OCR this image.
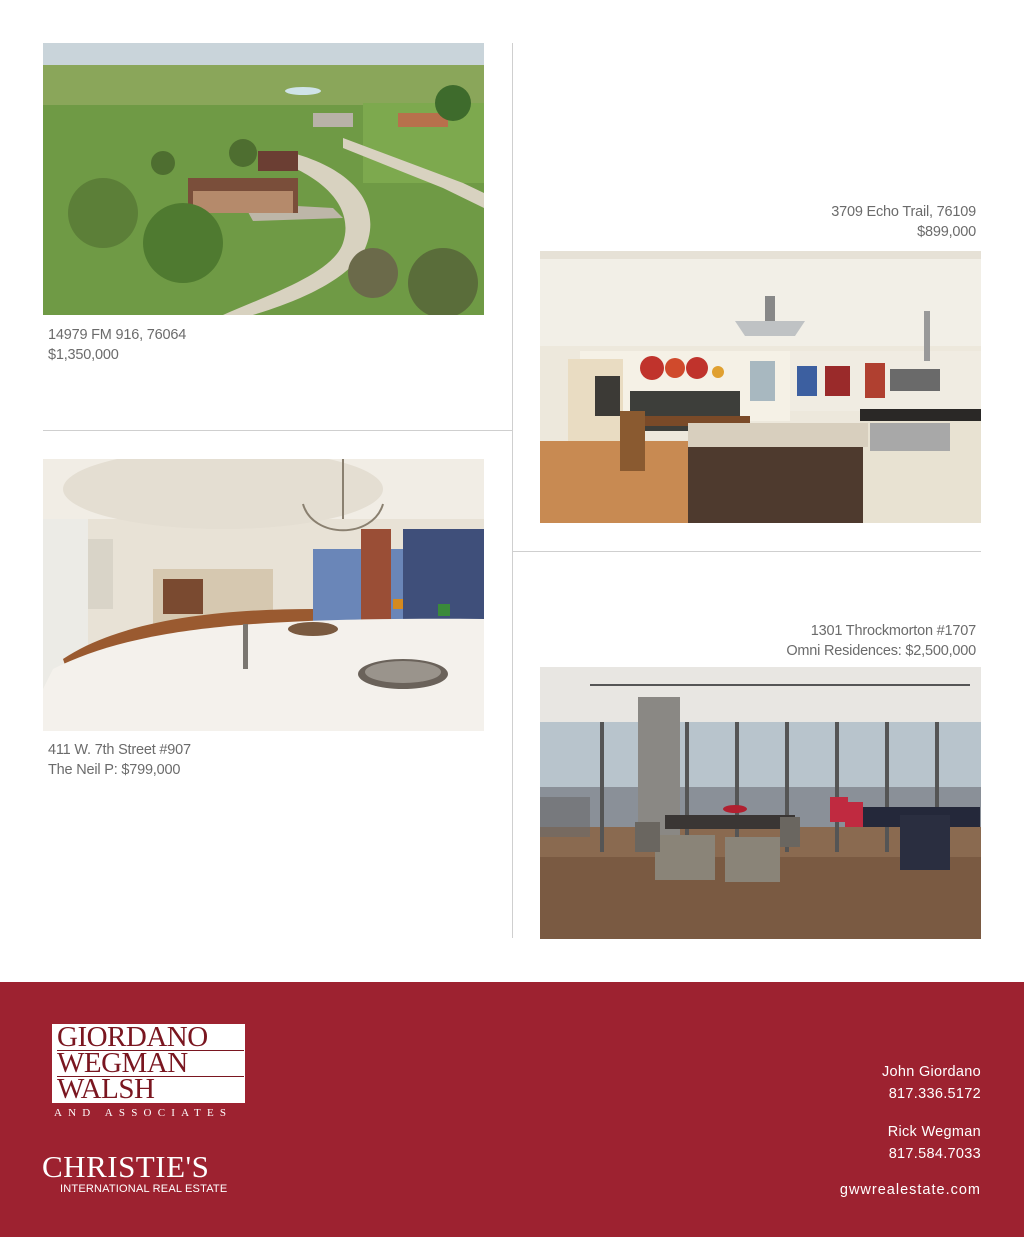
14979 FM 916, 76064
$1,350,000
3709 Echo Trail, 76109
$899,000
411 W. 7th Street #907
The Neil P: $799,000
1301 Throckmorton #1707
Omni Residences: $2,500,000
GIORDANO
WEGMAN
WALSH
AND ASSOCIATES
CHRISTIE'S
INTERNATIONAL REAL ESTATE
John Giordano
817.336.5172
Rick Wegman
817.584.7033
gwwrealestate.com
